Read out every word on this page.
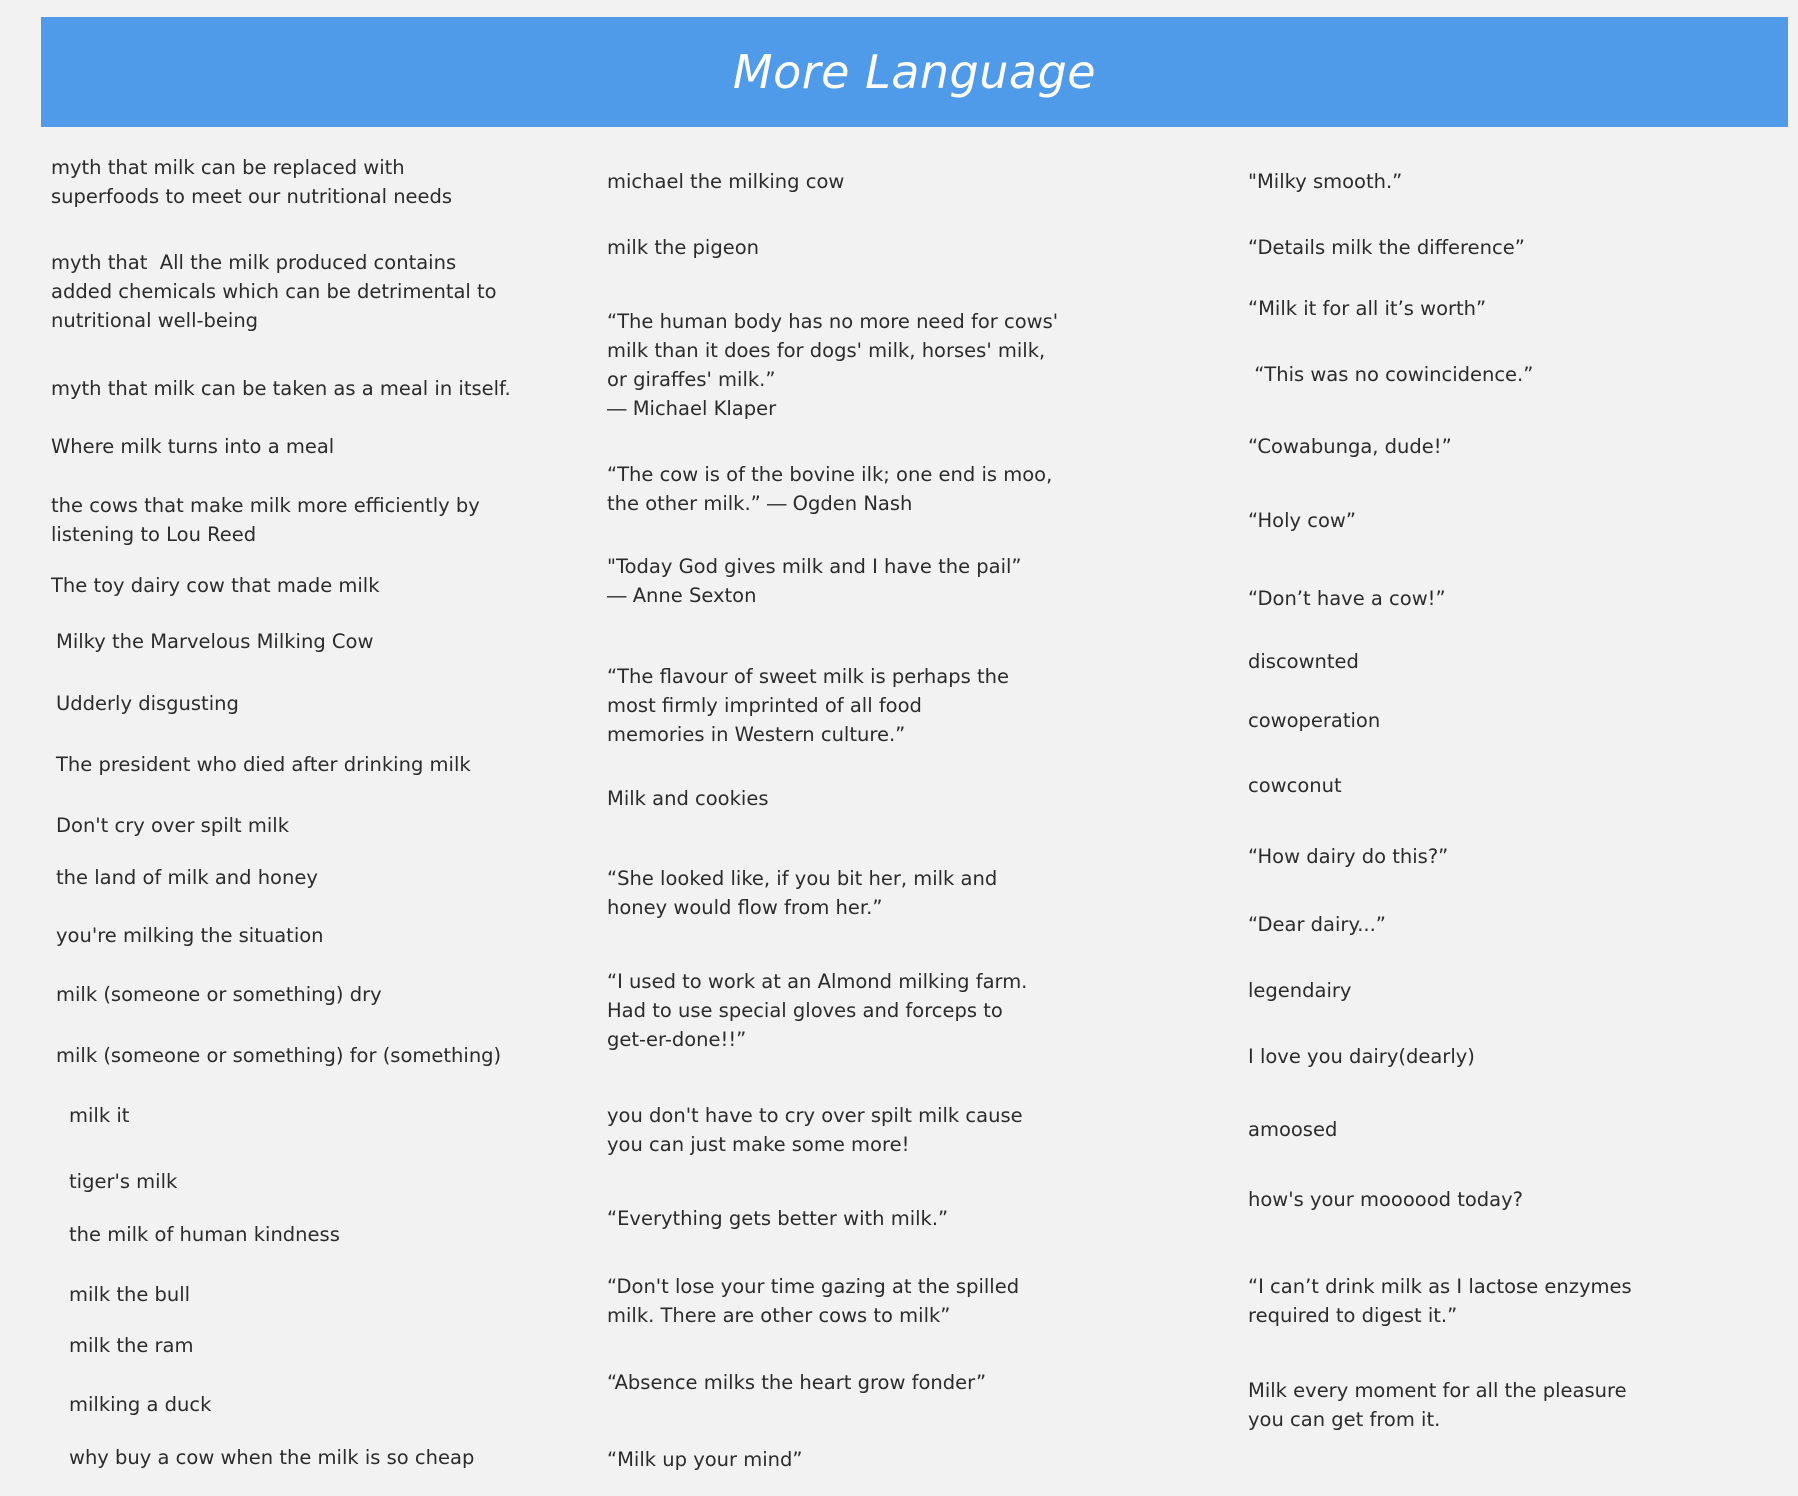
More Language
myth that milk can be replaced with
superfoods to meet our nutritional needs
myth that  All the milk produced contains
added chemicals which can be detrimental to
nutritional well-being
myth that milk can be taken as a meal in itself.
Where milk turns into a meal
the cows that make milk more efficiently by
listening to Lou Reed
The toy dairy cow that made milk
Milky the Marvelous Milking Cow
Udderly disgusting
The president who died after drinking milk
Don't cry over spilt milk
the land of milk and honey
you're milking the situation
milk (someone or something) dry
milk (someone or something) for (something)
milk it
tiger's milk
the milk of human kindness
milk the bull
milk the ram
milking a duck
why buy a cow when the milk is so cheap
michael the milking cow
milk the pigeon
“The human body has no more need for cows'
milk than it does for dogs' milk, horses' milk,
or giraffes' milk.”
― Michael Klaper
“The cow is of the bovine ilk; one end is moo,
the other milk.” ― Ogden Nash
"Today God gives milk and I have the pail”
― Anne Sexton
“The flavour of sweet milk is perhaps the
most firmly imprinted of all food
memories in Western culture.”
Milk and cookies
“She looked like, if you bit her, milk and
honey would flow from her.”
“I used to work at an Almond milking farm.
Had to use special gloves and forceps to
get-er-done!!”
you don't have to cry over spilt milk cause
you can just make some more!
“Everything gets better with milk.”
“Don't lose your time gazing at the spilled
milk. There are other cows to milk”
“Absence milks the heart grow fonder”
“Milk up your mind”
"Milky smooth.”
“Details milk the difference”
“Milk it for all it’s worth”
“This was no cowincidence.”
“Cowabunga, dude!”
“Holy cow”
“Don’t have a cow!”
discownted
cowoperation
cowconut
“How dairy do this?”
“Dear dairy...”
legendairy
I love you dairy(dearly)
amoosed
how's your moooood today?
“I can’t drink milk as I lactose enzymes
required to digest it.”
Milk every moment for all the pleasure
you can get from it.
